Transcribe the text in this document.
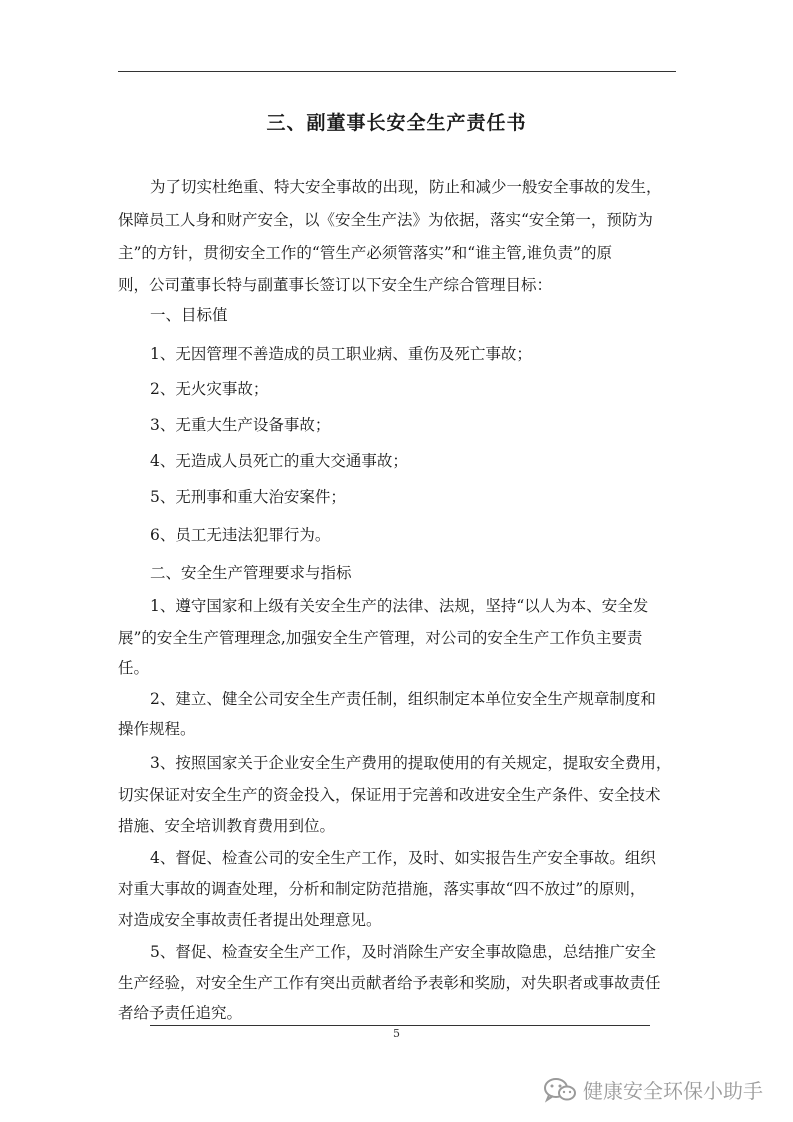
三、副董事长安全生产责任书
为了切实杜绝重、特大安全事故的出现，防止和减少一般安全事故的发生，
保障员工人身和财产安全，以《安全生产法》为依据，落实“安全第一，预防为
主”的方针，贯彻安全工作的“管生产必须管落实”和“谁主管,谁负责”的原
则，公司董事长特与副董事长签订以下安全生产综合管理目标：
一、目标值
1、无因管理不善造成的员工职业病、重伤及死亡事故；
2、无火灾事故；
3、无重大生产设备事故；
4、无造成人员死亡的重大交通事故；
5、无刑事和重大治安案件；
6、员工无违法犯罪行为。
二、安全生产管理要求与指标
1、遵守国家和上级有关安全生产的法律、法规，坚持“以人为本、安全发
展”的安全生产管理理念,加强安全生产管理，对公司的安全生产工作负主要责
任。
2、建立、健全公司安全生产责任制，组织制定本单位安全生产规章制度和
操作规程。
3、按照国家关于企业安全生产费用的提取使用的有关规定，提取安全费用，
切实保证对安全生产的资金投入，保证用于完善和改进安全生产条件、安全技术
措施、安全培训教育费用到位。
4、督促、检查公司的安全生产工作，及时、如实报告生产安全事故。组织
对重大事故的调查处理，分析和制定防范措施，落实事故“四不放过”的原则，
对造成安全事故责任者提出处理意见。
5、督促、检查安全生产工作，及时消除生产安全事故隐患，总结推广安全
生产经验，对安全生产工作有突出贡献者给予表彰和奖励，对失职者或事故责任
者给予责任追究。
5
健康安全环保小助手
